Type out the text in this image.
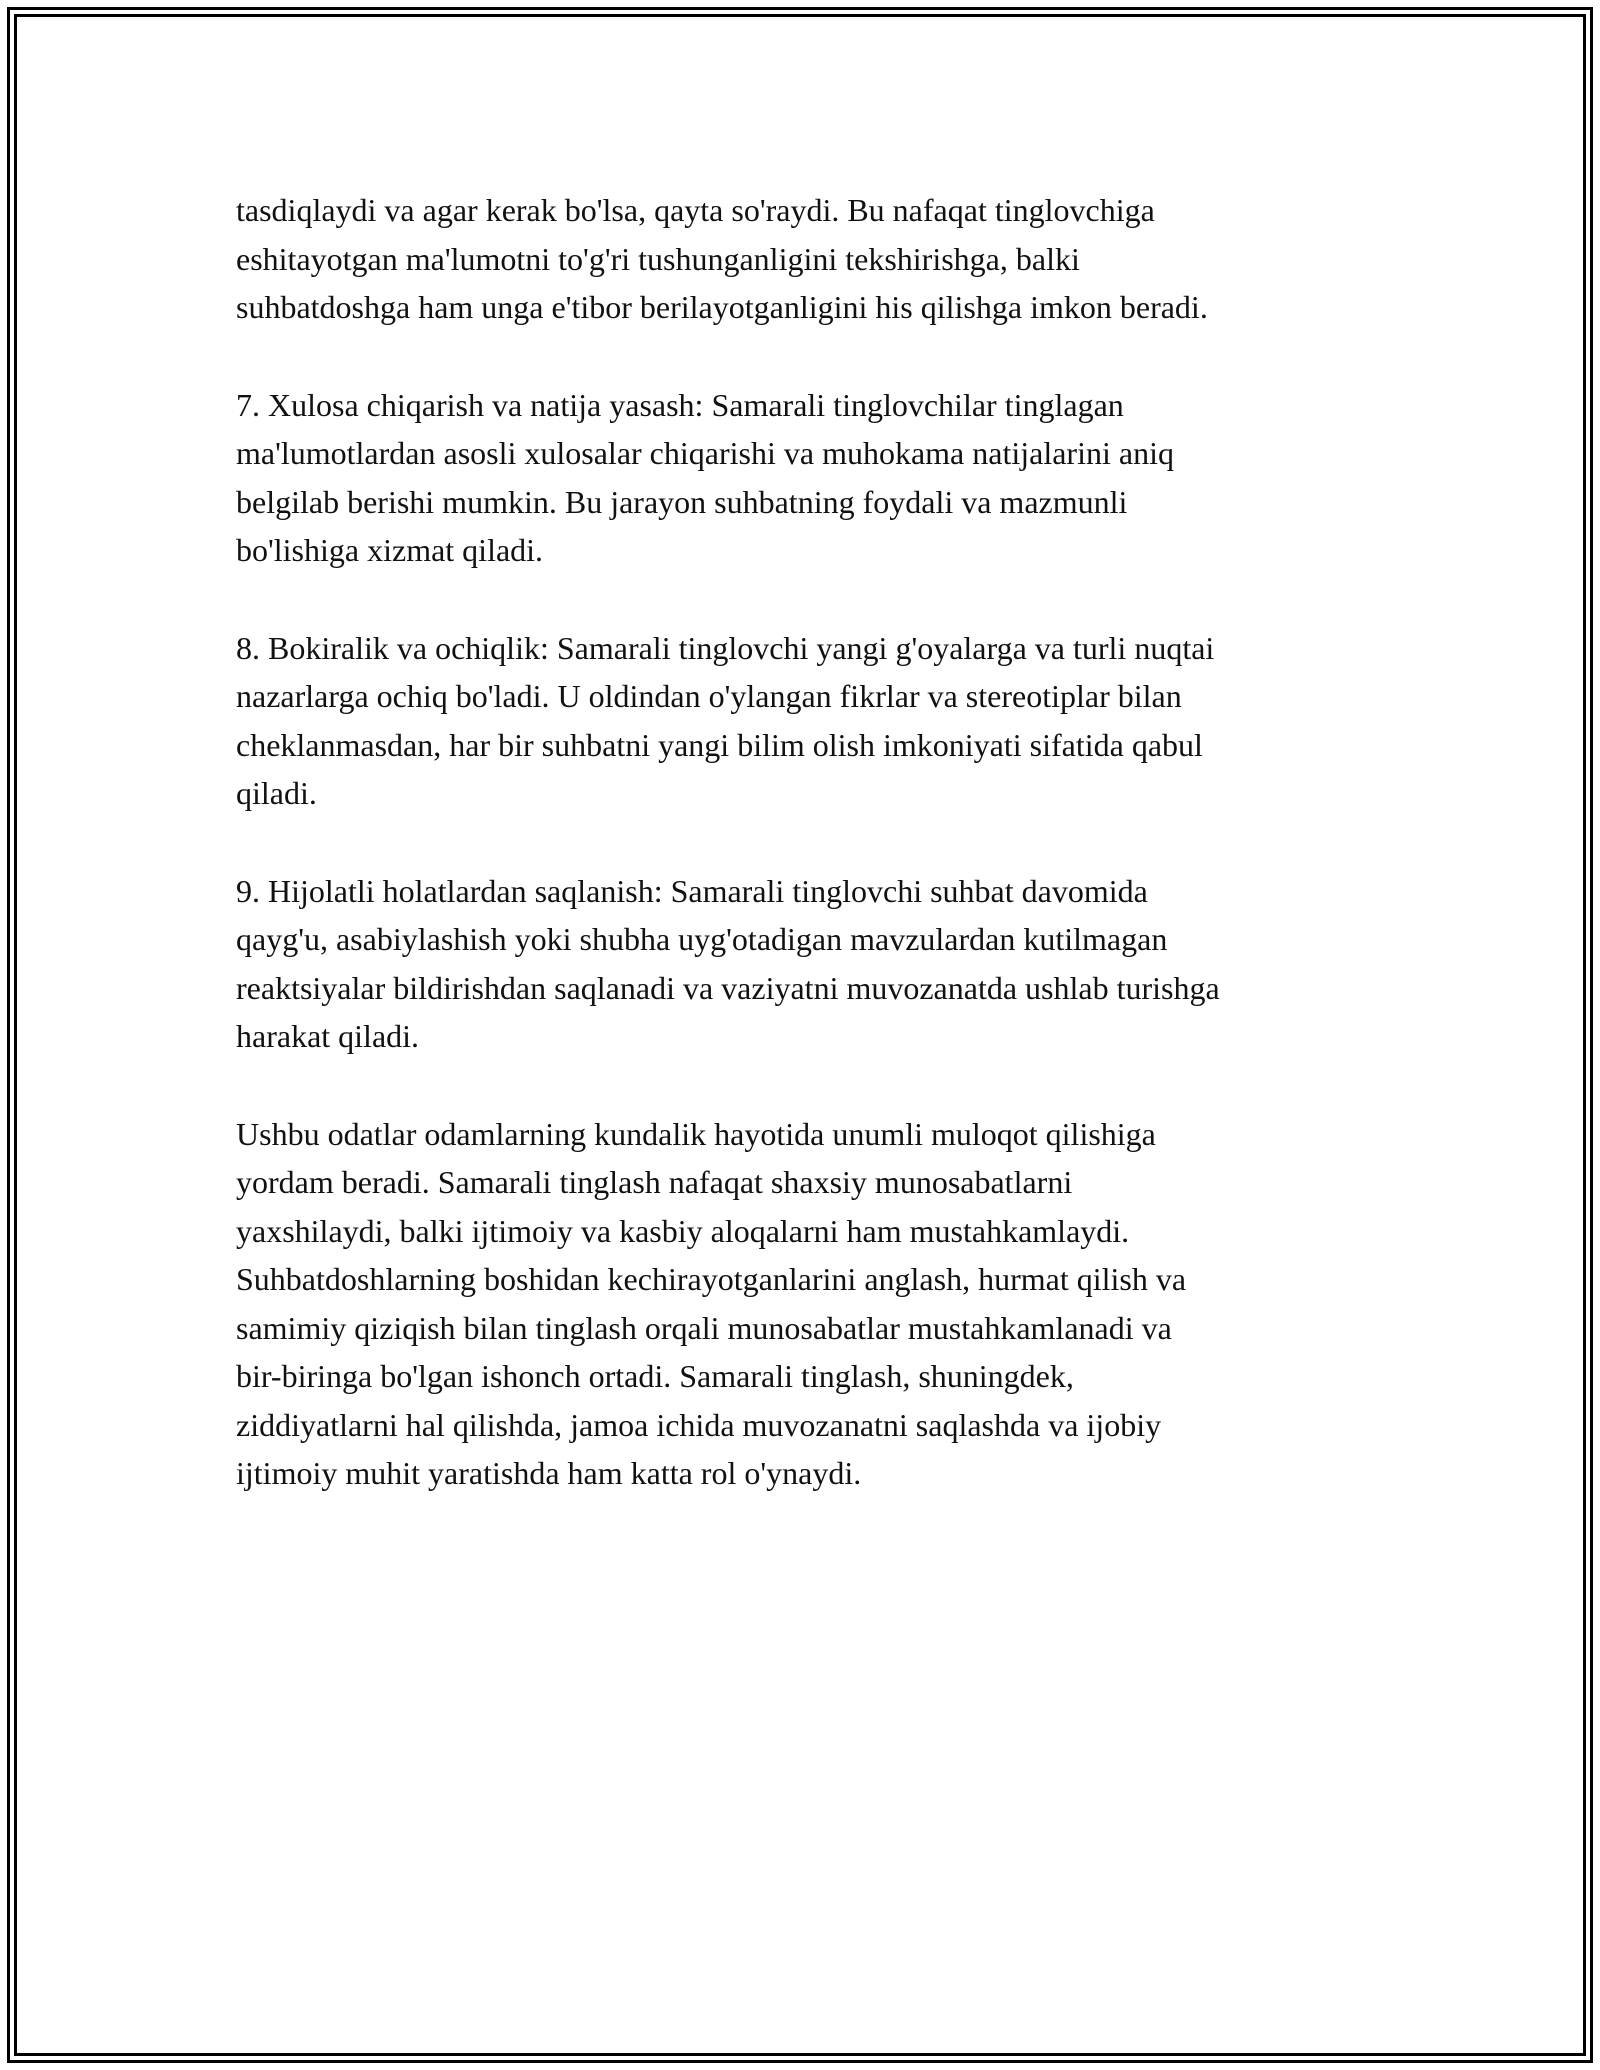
tasdiqlaydi va agar kerak bo'lsa, qayta so'raydi. Bu nafaqat tinglovchiga
eshitayotgan ma'lumotni to'g'ri tushunganligini tekshirishga, balki
suhbatdoshga ham unga e'tibor berilayotganligini his qilishga imkon beradi.

7. Xulosa chiqarish va natija yasash: Samarali tinglovchilar tinglagan
ma'lumotlardan asosli xulosalar chiqarishi va muhokama natijalarini aniq
belgilab berishi mumkin. Bu jarayon suhbatning foydali va mazmunli
bo'lishiga xizmat qiladi.

8. Bokiralik va ochiqlik: Samarali tinglovchi yangi g'oyalarga va turli nuqtai
nazarlarga ochiq bo'ladi. U oldindan o'ylangan fikrlar va stereotiplar bilan
cheklanmasdan, har bir suhbatni yangi bilim olish imkoniyati sifatida qabul
qiladi.

9. Hijolatli holatlardan saqlanish: Samarali tinglovchi suhbat davomida
qayg'u, asabiylashish yoki shubha uyg'otadigan mavzulardan kutilmagan
reaktsiyalar bildirishdan saqlanadi va vaziyatni muvozanatda ushlab turishga
harakat qiladi.

Ushbu odatlar odamlarning kundalik hayotida unumli muloqot qilishiga
yordam beradi. Samarali tinglash nafaqat shaxsiy munosabatlarni
yaxshilaydi, balki ijtimoiy va kasbiy aloqalarni ham mustahkamlaydi.
Suhbatdoshlarning boshidan kechirayotganlarini anglash, hurmat qilish va
samimiy qiziqish bilan tinglash orqali munosabatlar mustahkamlanadi va
bir-biringa bo'lgan ishonch ortadi. Samarali tinglash, shuningdek,
ziddiyatlarni hal qilishda, jamoa ichida muvozanatni saqlashda va ijobiy
ijtimoiy muhit yaratishda ham katta rol o'ynaydi.
